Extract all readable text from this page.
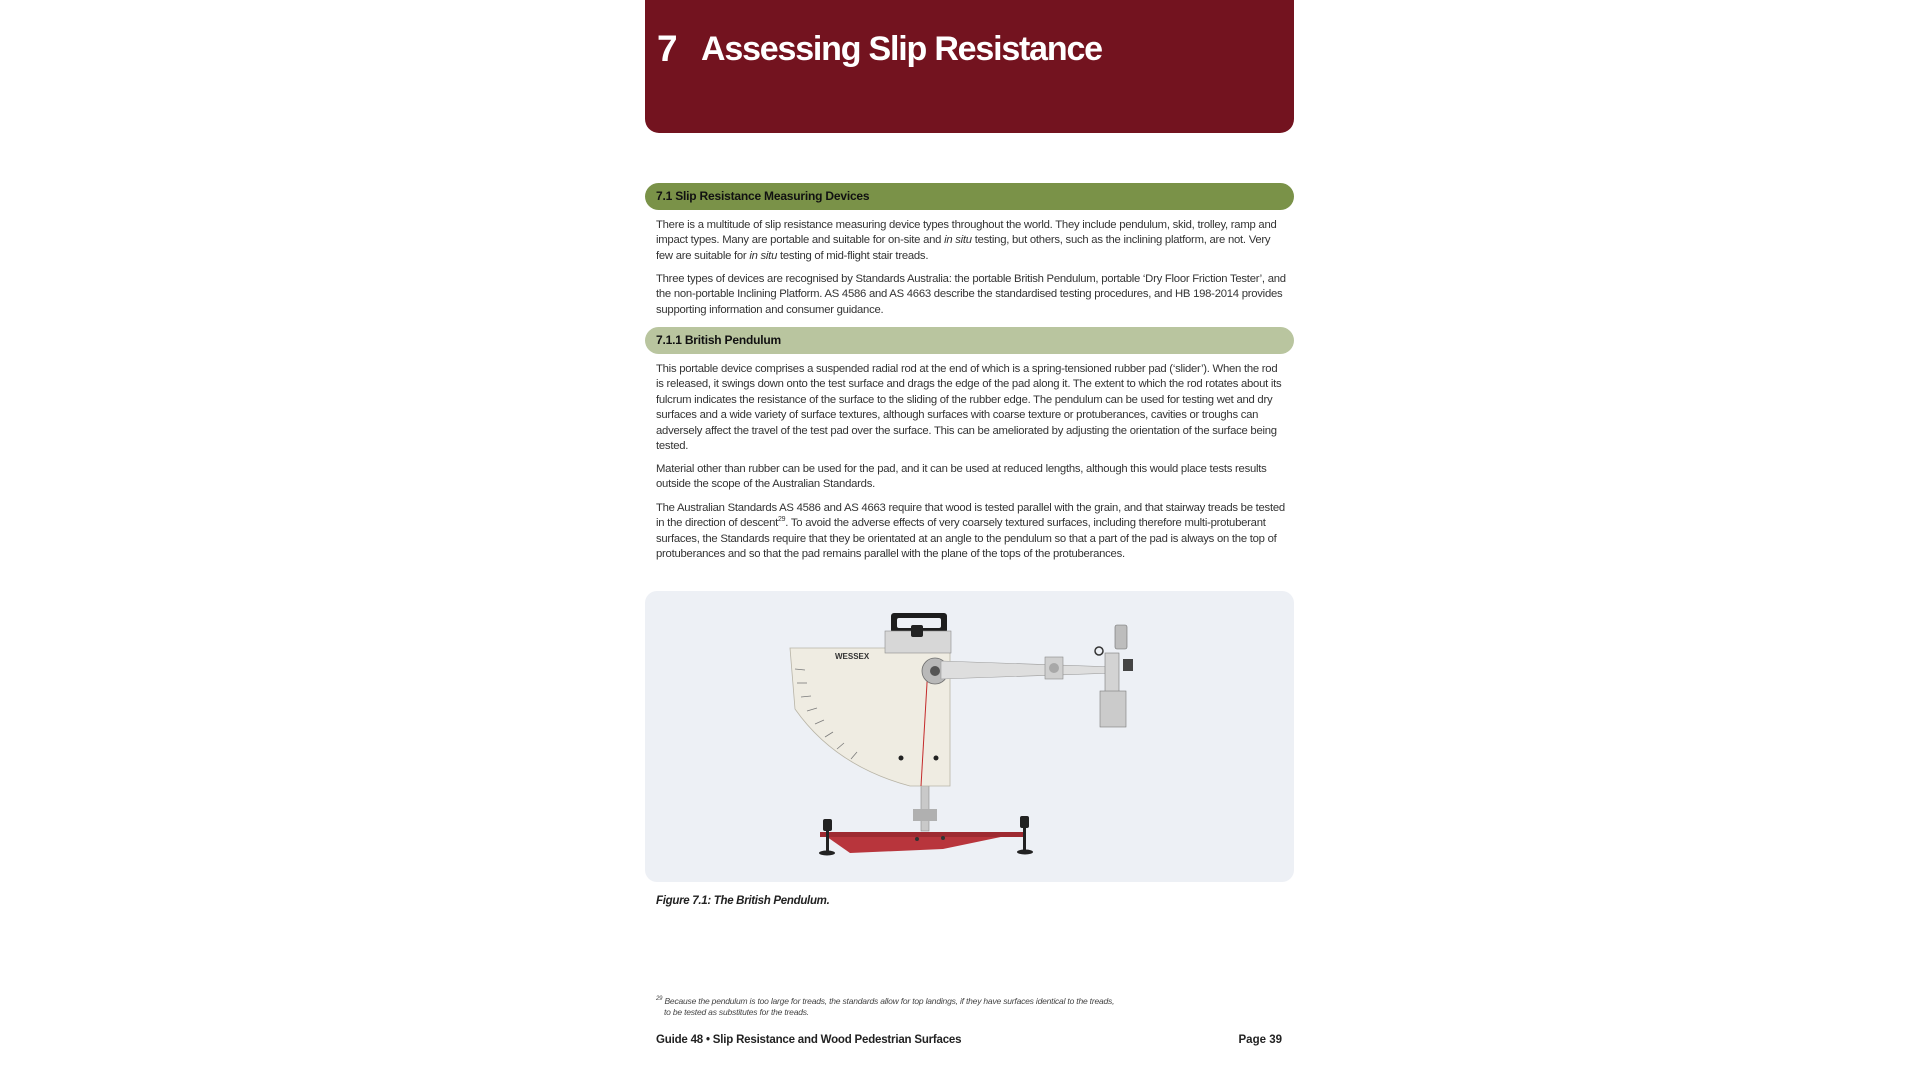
7 Assessing Slip Resistance
7.1 Slip Resistance Measuring Devices

There is a multitude of slip resistance measuring device types throughout the world. They include pendulum, skid, trolley, ramp and impact types. Many are portable and suitable for on-site and in situ testing, but others, such as the inclining platform, are not. Very few are suitable for in situ testing of mid-flight stair treads.

Three types of devices are recognised by Standards Australia: the portable British Pendulum, portable ‘Dry Floor Friction Tester’, and the non-portable Inclining Platform. AS 4586 and AS 4663 describe the standardised testing procedures, and HB 198-2014 provides supporting information and consumer guidance.

7.1.1 British Pendulum

This portable device comprises a suspended radial rod at the end of which is a spring-tensioned rubber pad (‘slider’). When the rod is released, it swings down onto the test surface and drags the edge of the pad along it. The extent to which the rod rotates about its fulcrum indicates the resistance of the surface to the sliding of the rubber edge. The pendulum can be used for testing wet and dry surfaces and a wide variety of surface textures, although surfaces with coarse texture or protuberances, cavities or troughs can adversely affect the travel of the test pad over the surface. This can be ameliorated by adjusting the orientation of the surface being tested.

Material other than rubber can be used for the pad, and it can be used at reduced lengths, although this would place tests results outside the scope of the Australian Standards.

The Australian Standards AS 4586 and AS 4663 require that wood is tested parallel with the grain, and that stairway treads be tested in the direction of descent$^{29}$. To avoid the adverse effects of very coarsely textured surfaces, including therefore multi-protuberant surfaces, the Standards require that they be orientated at an angle to the pendulum so that a part of the pad is always on the top of protuberances and so that the pad remains parallel with the plane of the tops of the protuberances.

WESSEX
Figure 7.1: The British Pendulum.
$^{29}$ Because the pendulum is too large for treads, the standards allow for top landings, if they have surfaces identical to the treads,
to be tested as substitutes for the treads.
Guide 48 • Slip Resistance and Wood Pedestrian Surfaces	Page 39
